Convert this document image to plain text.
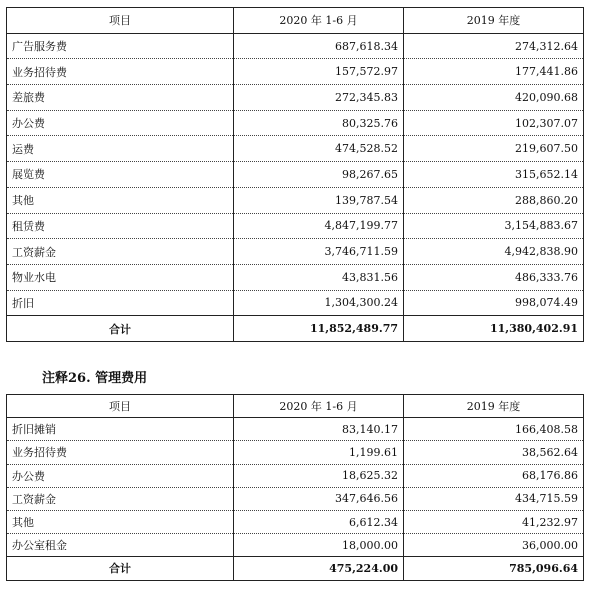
项目	2020 年 1-6 月	2019 年度
广告服务费	687,618.34	274,312.64
业务招待费	157,572.97	177,441.86
差旅费	272,345.83	420,090.68
办公费	80,325.76	102,307.07
运费	474,528.52	219,607.50
展览费	98,267.65	315,652.14
其他	139,787.54	288,860.20
租赁费	4,847,199.77	3,154,883.67
工资薪金	3,746,711.59	4,942,838.90
物业水电	43,831.56	486,333.76
折旧	1,304,300.24	998,074.49
合计	11,852,489.77	11,380,402.91
注释26. 管理费用
项目	2020 年 1-6 月	2019 年度
折旧摊销	83,140.17	166,408.58
业务招待费	1,199.61	38,562.64
办公费	18,625.32	68,176.86
工资薪金	347,646.56	434,715.59
其他	6,612.34	41,232.97
办公室租金	18,000.00	36,000.00
合计	475,224.00	785,096.64
